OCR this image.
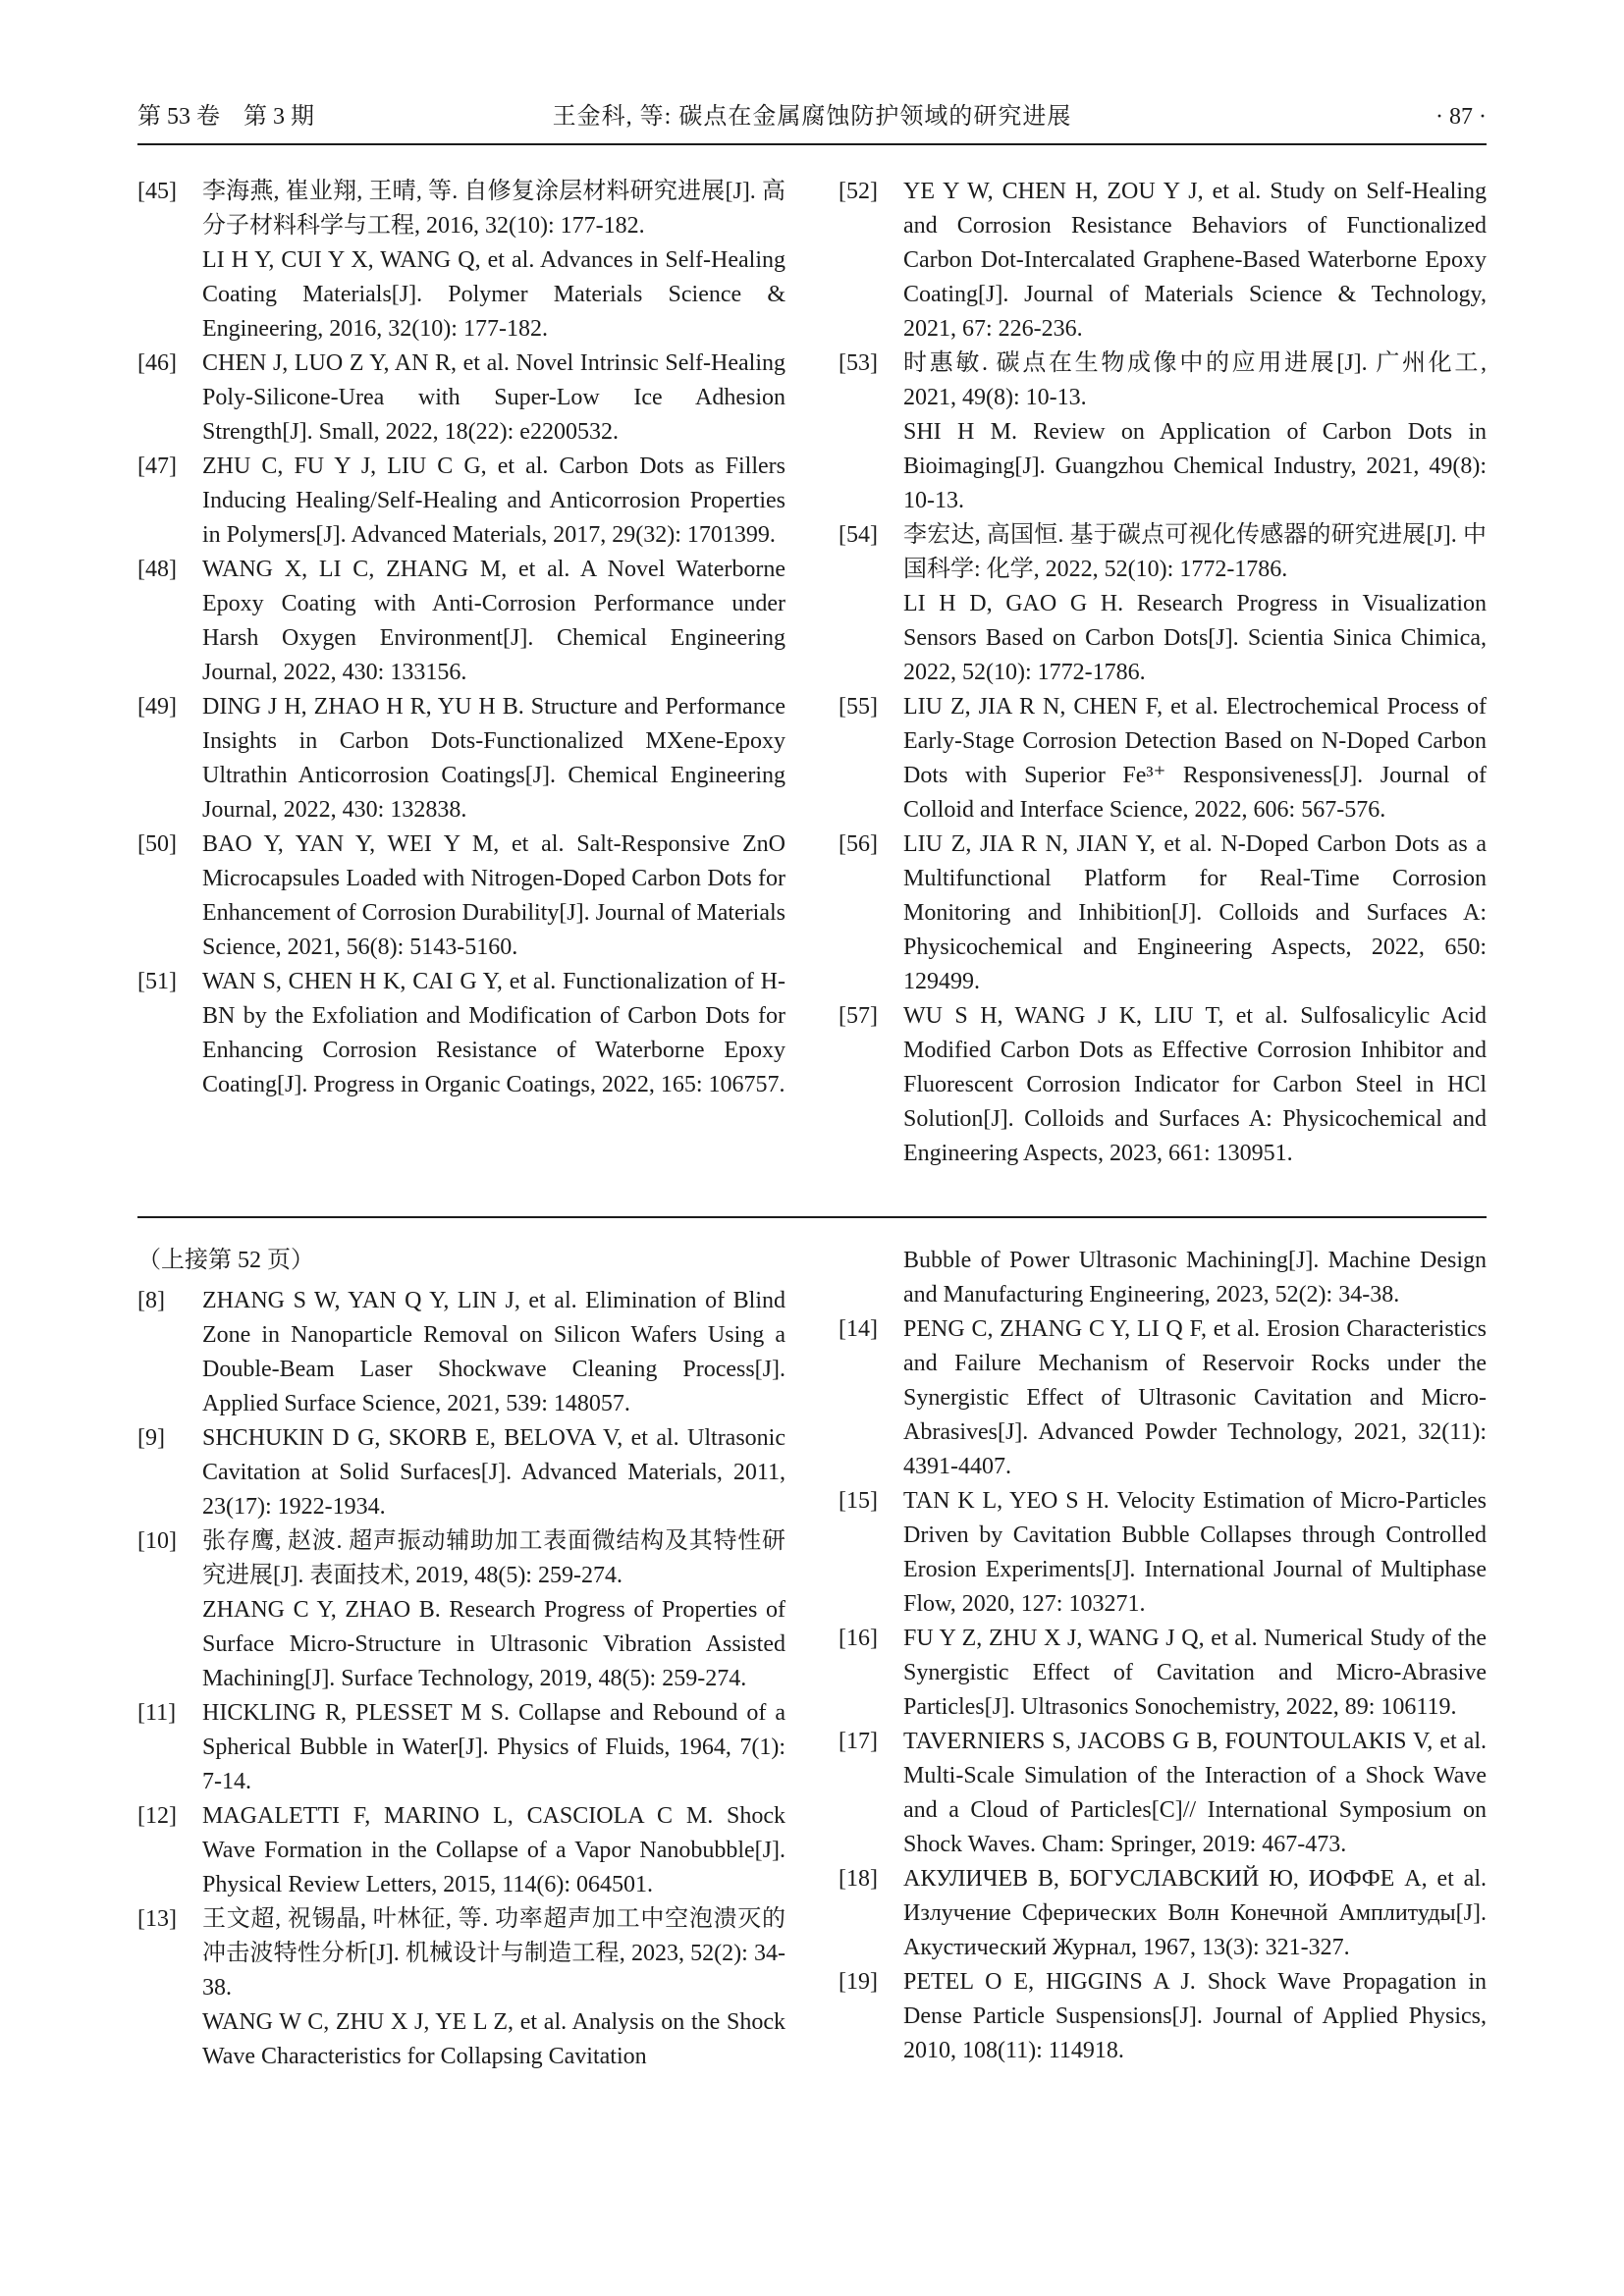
第 53 卷　第 3 期	王金科, 等: 碳点在金属腐蚀防护领域的研究进展	· 87 ·
[45]	李海燕, 崔业翔, 王晴, 等. 自修复涂层材料研究进展[J]. 高分子材料科学与工程, 2016, 32(10): 177-182.

LI H Y, CUI Y X, WANG Q, et al. Advances in Self-Healing Coating Materials[J]. Polymer Materials Science & Engineering, 2016, 32(10): 177-182.

[46]	CHEN J, LUO Z Y, AN R, et al. Novel Intrinsic Self-Healing Poly-Silicone-Urea with Super-Low Ice Adhesion Strength[J]. Small, 2022, 18(22): e2200532.

[47]	ZHU C, FU Y J, LIU C G, et al. Carbon Dots as Fillers Inducing Healing/Self-Healing and Anticorrosion Properties in Polymers[J]. Advanced Materials, 2017, 29(32): 1701399.

[48]	WANG X, LI C, ZHANG M, et al. A Novel Waterborne Epoxy Coating with Anti-Corrosion Performance under Harsh Oxygen Environment[J]. Chemical Engineering Journal, 2022, 430: 133156.

[49]	DING J H, ZHAO H R, YU H B. Structure and Performance Insights in Carbon Dots-Functionalized MXene-Epoxy Ultrathin Anticorrosion Coatings[J]. Chemical Engineering Journal, 2022, 430: 132838.

[50]	BAO Y, YAN Y, WEI Y M, et al. Salt-Responsive ZnO Microcapsules Loaded with Nitrogen-Doped Carbon Dots for Enhancement of Corrosion Durability[J]. Journal of Materials Science, 2021, 56(8): 5143-5160.

[51]	WAN S, CHEN H K, CAI G Y, et al. Functionalization of H-BN by the Exfoliation and Modification of Carbon Dots for Enhancing Corrosion Resistance of Waterborne Epoxy Coating[J]. Progress in Organic Coatings, 2022, 165: 106757.

[52]	YE Y W, CHEN H, ZOU Y J, et al. Study on Self-Healing and Corrosion Resistance Behaviors of Functionalized Carbon Dot-Intercalated Graphene-Based Waterborne Epoxy Coating[J]. Journal of Materials Science & Technology, 2021, 67: 226-236.

[53]	时惠敏. 碳点在生物成像中的应用进展[J]. 广州化工, 2021, 49(8): 10-13.

SHI H M. Review on Application of Carbon Dots in Bioimaging[J]. Guangzhou Chemical Industry, 2021, 49(8): 10-13.

[54]	李宏达, 高国恒. 基于碳点可视化传感器的研究进展[J]. 中国科学: 化学, 2022, 52(10): 1772-1786.

LI H D, GAO G H. Research Progress in Visualization Sensors Based on Carbon Dots[J]. Scientia Sinica Chimica, 2022, 52(10): 1772-1786.

[55]	LIU Z, JIA R N, CHEN F, et al. Electrochemical Process of Early-Stage Corrosion Detection Based on N-Doped Carbon Dots with Superior Fe³⁺ Responsiveness[J]. Journal of Colloid and Interface Science, 2022, 606: 567-576.

[56]	LIU Z, JIA R N, JIAN Y, et al. N-Doped Carbon Dots as a Multifunctional Platform for Real-Time Corrosion Monitoring and Inhibition[J]. Colloids and Surfaces A: Physicochemical and Engineering Aspects, 2022, 650: 129499.

[57]	WU S H, WANG J K, LIU T, et al. Sulfosalicylic Acid Modified Carbon Dots as Effective Corrosion Inhibitor and Fluorescent Corrosion Indicator for Carbon Steel in HCl Solution[J]. Colloids and Surfaces A: Physicochemical and Engineering Aspects, 2023, 661: 130951.

（上接第 52 页）

[8]	ZHANG S W, YAN Q Y, LIN J, et al. Elimination of Blind Zone in Nanoparticle Removal on Silicon Wafers Using a Double-Beam Laser Shockwave Cleaning Process[J]. Applied Surface Science, 2021, 539: 148057.

[9]	SHCHUKIN D G, SKORB E, BELOVA V, et al. Ultrasonic Cavitation at Solid Surfaces[J]. Advanced Materials, 2011, 23(17): 1922-1934.

[10]	张存鹰, 赵波. 超声振动辅助加工表面微结构及其特性研究进展[J]. 表面技术, 2019, 48(5): 259-274.

ZHANG C Y, ZHAO B. Research Progress of Properties of Surface Micro-Structure in Ultrasonic Vibration Assisted Machining[J]. Surface Technology, 2019, 48(5): 259-274.

[11]	HICKLING R, PLESSET M S. Collapse and Rebound of a Spherical Bubble in Water[J]. Physics of Fluids, 1964, 7(1): 7-14.

[12]	MAGALETTI F, MARINO L, CASCIOLA C M. Shock Wave Formation in the Collapse of a Vapor Nanobubble[J]. Physical Review Letters, 2015, 114(6): 064501.

[13]	王文超, 祝锡晶, 叶林征, 等. 功率超声加工中空泡溃灭的冲击波特性分析[J]. 机械设计与制造工程, 2023, 52(2): 34-38.

WANG W C, ZHU X J, YE L Z, et al. Analysis on the Shock Wave Characteristics for Collapsing Cavitation

Bubble of Power Ultrasonic Machining[J]. Machine Design and Manufacturing Engineering, 2023, 52(2): 34-38.

[14]	PENG C, ZHANG C Y, LI Q F, et al. Erosion Characteristics and Failure Mechanism of Reservoir Rocks under the Synergistic Effect of Ultrasonic Cavitation and Micro-Abrasives[J]. Advanced Powder Technology, 2021, 32(11): 4391-4407.

[15]	TAN K L, YEO S H. Velocity Estimation of Micro-Particles Driven by Cavitation Bubble Collapses through Controlled Erosion Experiments[J]. International Journal of Multiphase Flow, 2020, 127: 103271.

[16]	FU Y Z, ZHU X J, WANG J Q, et al. Numerical Study of the Synergistic Effect of Cavitation and Micro-Abrasive Particles[J]. Ultrasonics Sonochemistry, 2022, 89: 106119.

[17]	TAVERNIERS S, JACOBS G B, FOUNTOULAKIS V, et al. Multi-Scale Simulation of the Interaction of a Shock Wave and a Cloud of Particles[C]// International Symposium on Shock Waves. Cham: Springer, 2019: 467-473.

[18]	АКУЛИЧЕВ В, БОГУСЛАВСКИЙ Ю, ИОФФЕ А, et al. Излучение Сферических Волн Конечной Амплитуды[J]. Акустический Журнал, 1967, 13(3): 321-327.

[19]	PETEL O E, HIGGINS A J. Shock Wave Propagation in Dense Particle Suspensions[J]. Journal of Applied Physics, 2010, 108(11): 114918.
